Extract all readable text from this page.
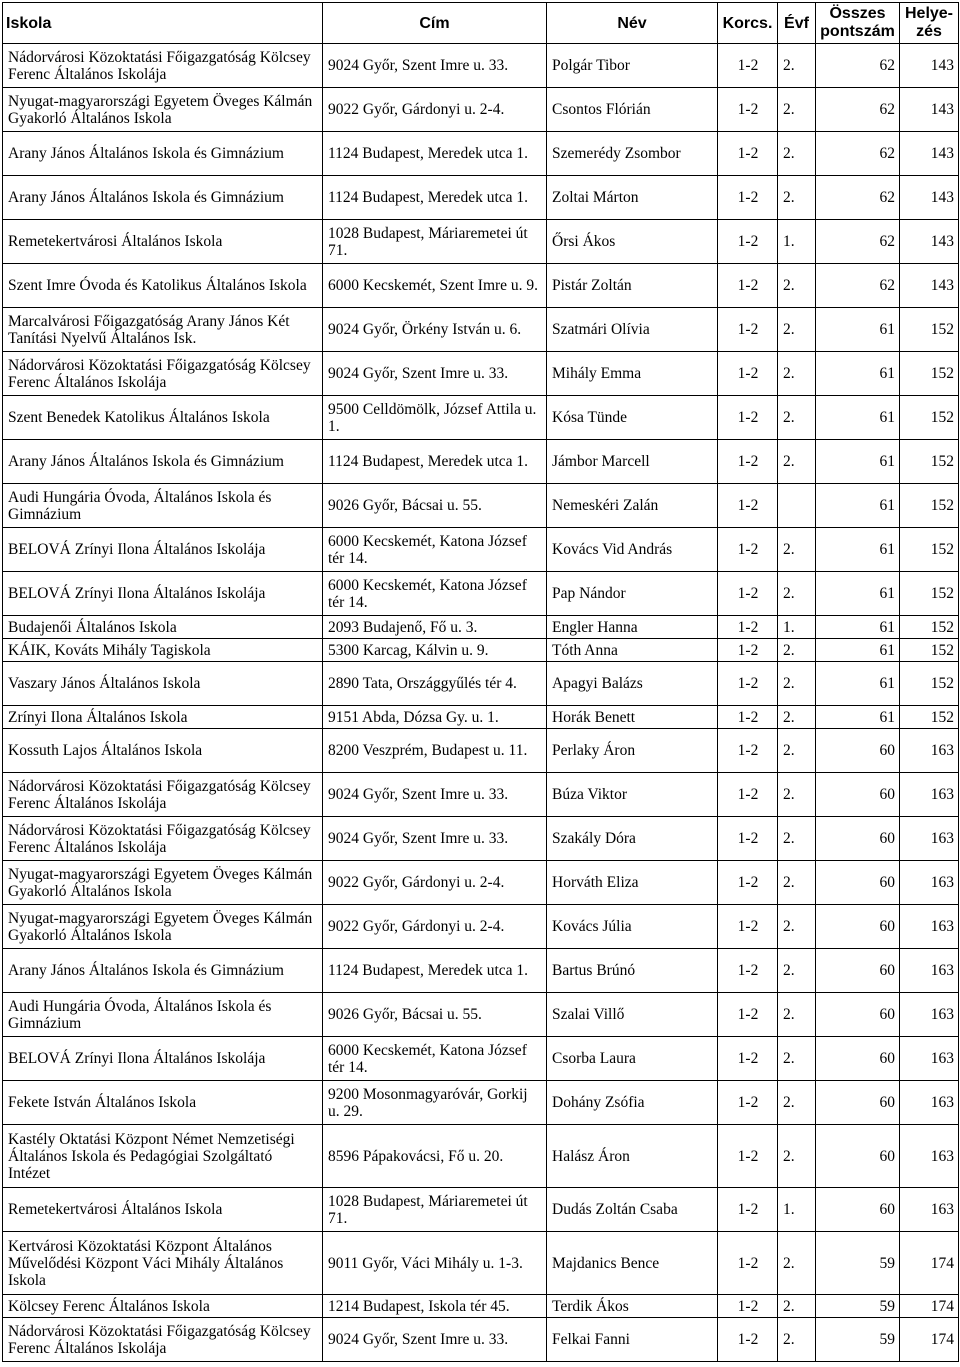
Iskola	Cím	Név	Korcs.	Évf	Összes pontszám	Helye-zés
Nádorvárosi Közoktatási Főigazgatóság Kölcsey Ferenc Általános Iskolája	9024 Győr, Szent Imre u. 33.	Polgár Tibor	1-2	2.	62	143
Nyugat-magyarországi Egyetem Öveges Kálmán Gyakorló Általános Iskola	9022 Győr, Gárdonyi u. 2-4.	Csontos Flórián	1-2	2.	62	143
Arany János Általános Iskola és Gimnázium	1124 Budapest, Meredek utca 1.	Szemerédy Zsombor	1-2	2.	62	143
Arany János Általános Iskola és Gimnázium	1124 Budapest, Meredek utca 1.	Zoltai Márton	1-2	2.	62	143
Remetekertvárosi Általános Iskola	1028 Budapest, Máriaremetei út 71.	Őrsi Ákos	1-2	1.	62	143
Szent Imre Óvoda és Katolikus Általános Iskola	6000 Kecskemét, Szent Imre u. 9.	Pistár Zoltán	1-2	2.	62	143
Marcalvárosi Főigazgatóság Arany János Két Tanítási Nyelvű Általános Isk.	9024 Győr, Örkény István u. 6.	Szatmári Olívia	1-2	2.	61	152
Nádorvárosi Közoktatási Főigazgatóság Kölcsey Ferenc Általános Iskolája	9024 Győr, Szent Imre u. 33.	Mihály Emma	1-2	2.	61	152
Szent Benedek Katolikus Általános Iskola	9500 Celldömölk, József Attila u. 1.	Kósa Tünde	1-2	2.	61	152
Arany János Általános Iskola és Gimnázium	1124 Budapest, Meredek utca 1.	Jámbor Marcell	1-2	2.	61	152
Audi Hungária Óvoda, Általános Iskola és Gimnázium	9026 Győr, Bácsai u. 55.	Nemeskéri Zalán	1-2		61	152
BELOVÁ Zrínyi Ilona Általános Iskolája	6000 Kecskemét, Katona József tér 14.	Kovács Vid András	1-2	2.	61	152
BELOVÁ Zrínyi Ilona Általános Iskolája	6000 Kecskemét, Katona József tér 14.	Pap Nándor	1-2	2.	61	152
Budajenői Általános Iskola	2093 Budajenő, Fő u. 3.	Engler Hanna	1-2	1.	61	152
KÁIK, Kováts Mihály Tagiskola	5300 Karcag, Kálvin u. 9.	Tóth Anna	1-2	2.	61	152
Vaszary János Általános Iskola	2890 Tata, Országgyűlés tér 4.	Apagyi Balázs	1-2	2.	61	152
Zrínyi Ilona Általános Iskola	9151 Abda, Dózsa Gy. u. 1.	Horák Benett	1-2	2.	61	152
Kossuth Lajos Általános Iskola	8200 Veszprém, Budapest u. 11.	Perlaky Áron	1-2	2.	60	163
Nádorvárosi Közoktatási Főigazgatóság Kölcsey Ferenc Általános Iskolája	9024 Győr, Szent Imre u. 33.	Búza Viktor	1-2	2.	60	163
Nádorvárosi Közoktatási Főigazgatóság Kölcsey Ferenc Általános Iskolája	9024 Győr, Szent Imre u. 33.	Szakály Dóra	1-2	2.	60	163
Nyugat-magyarországi Egyetem Öveges Kálmán Gyakorló Általános Iskola	9022 Győr, Gárdonyi u. 2-4.	Horváth Eliza	1-2	2.	60	163
Nyugat-magyarországi Egyetem Öveges Kálmán Gyakorló Általános Iskola	9022 Győr, Gárdonyi u. 2-4.	Kovács Júlia	1-2	2.	60	163
Arany János Általános Iskola és Gimnázium	1124 Budapest, Meredek utca 1.	Bartus Brúnó	1-2	2.	60	163
Audi Hungária Óvoda, Általános Iskola és Gimnázium	9026 Győr, Bácsai u. 55.	Szalai Villő	1-2	2.	60	163
BELOVÁ Zrínyi Ilona Általános Iskolája	6000 Kecskemét, Katona József tér 14.	Csorba Laura	1-2	2.	60	163
Fekete István Általános Iskola	9200 Mosonmagyaróvár, Gorkij u. 29.	Dohány Zsófia	1-2	2.	60	163
Kastély Oktatási Központ Német Nemzetiségi Általános Iskola és Pedagógiai Szolgáltató Intézet	8596 Pápakovácsi, Fő u. 20.	Halász Áron	1-2	2.	60	163
Remetekertvárosi Általános Iskola	1028 Budapest, Máriaremetei út 71.	Dudás Zoltán Csaba	1-2	1.	60	163
Kertvárosi Közoktatási Központ Általános Művelődési Központ Váci Mihály Általános Iskola	9011 Győr, Váci Mihály u. 1-3.	Majdanics Bence	1-2	2.	59	174
Kölcsey Ferenc Általános Iskola	1214 Budapest, Iskola tér 45.	Terdik Ákos	1-2	2.	59	174
Nádorvárosi Közoktatási Főigazgatóság Kölcsey Ferenc Általános Iskolája	9024 Győr, Szent Imre u. 33.	Felkai Fanni	1-2	2.	59	174
